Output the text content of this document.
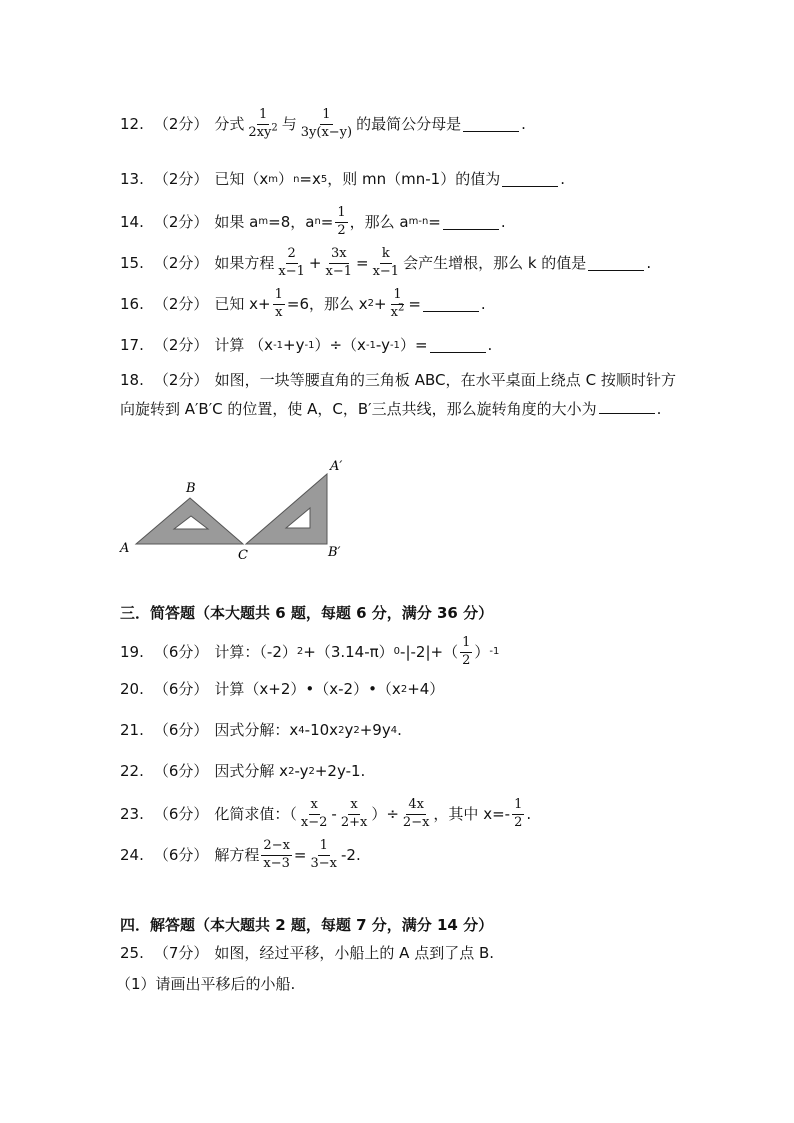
12. （2分） 分式 $\frac{1}{2xy^2}$ 与 $\frac{1}{3y(x-y)}$ 的最简公分母是	.
13. （2分） 已知（x m ） n =x 5 ，则 mn（mn-1）的值为	.
14. （2分） 如果 a m =8，a $n = \frac{1}{2}$ ，那么 a m-n =	.
15. （2分） 如果方程 $\frac{2}{x-1} + \frac{3x}{x-1} = \frac{k}{x-1}$ 会产生增根，那么 k 的值是	.
16. （2分） 已知 $x+ \frac{1}{x} =6$，那么 x $2 + \frac{1}{x^2}$ =	.
17. （2分） 计算 （x -1 +y -1 ）÷（x -1 -y -1 ）=	.
18. （2分） 如图，一块等腰直角的三角板 ABC，在水平桌面上绕点 C 按顺时针方向旋转到 A′B′C 的位置，使 A，C，B′三点共线，那么旋转角度的大小为	.
A
B
C
A′
B′
三．简答题（本大题共 6 题，每题 6 分，满分 36 分）
19. （6分） 计算：（-2） 2 +（3.14-π） 0 $-|-2|+( \frac{1}{2}$ ） -1
20. （6分） 计算（x+2）•（x-2）•（x 2 +4）
21. （6分） 因式分解：x 4 -10x 2 y 2 +9y 4 .
22. （6分） 因式分解 x 2 -y 2 +2y-1.
23. （6分） 化简求值：（ $\frac{x}{x-2} - \frac{x}{2+x}$ ）÷ $\frac{4x}{2-x}$ ，其中 $x=- \frac{1}{2}$ .
24. （6分） 解方程 $\frac{2-x}{x-3} = \frac{1}{3-x} -2$.
四．解答题（本大题共 2 题，每题 7 分，满分 14 分）
25. （7分） 如图，经过平移，小船上的 A 点到了点 B.
（1）请画出平移后的小船.
